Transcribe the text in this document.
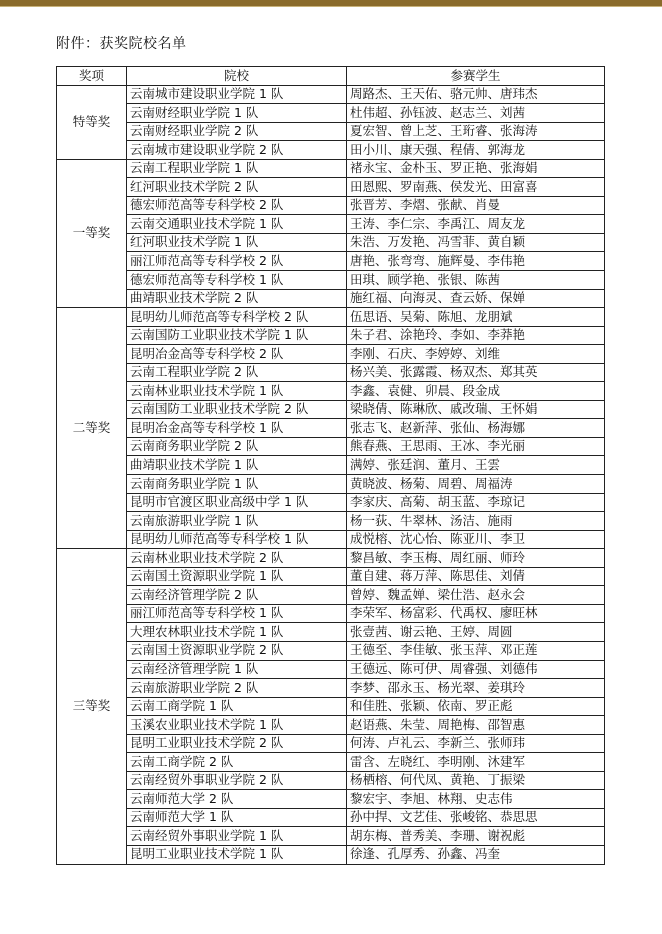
附件：获奖院校名单
奖项	院校	参赛学生
特等奖	云南城市建设职业学院 1 队	周路杰、王天佑、骆元帅、唐玮杰
	云南财经职业学院 1 队	杜伟超、孙钰波、赵志兰、刘茜
	云南财经职业学院 2 队	夏宏智、曾上芝、王珩睿、张海涛
	云南城市建设职业学院 2 队	田小川、康天强、程倩、郭海龙
一等奖	云南工程职业学院 1 队	褚永宝、金朴玉、罗正艳、张海娟
	红河职业技术学院 2 队	田恩熙、罗南燕、侯发光、田富喜
	德宏师范高等专科学校 2 队	张晋芳、李熠、张献、肖曼
	云南交通职业技术学院 1 队	王涛、李仁宗、李禹江、周友龙
	红河职业技术学院 1 队	朱浩、万发艳、冯雪菲、黄自颖
	丽江师范高等专科学校 2 队	唐艳、张弯弯、施辉曼、李伟艳
	德宏师范高等专科学校 1 队	田琪、顾学艳、张银、陈茜
	曲靖职业技术学院 2 队	施红福、向海灵、查云娇、保婵
二等奖	昆明幼儿师范高等专科学校 2 队	伍思语、吴菊、陈旭、龙朋斌
	云南国防工业职业技术学院 1 队	朱子君、涂艳玲、李如、李莽艳
	昆明冶金高等专科学校 2 队	李刚、石庆、李婷婷、刘维
	云南工程职业学院 2 队	杨兴美、张露霞、杨双杰、郑其英
	云南林业职业技术学院 1 队	李鑫、袁健、卯晨、段金成
	云南国防工业职业技术学院 2 队	梁晓倩、陈琳欣、戚改瑞、王怀娟
	昆明冶金高等专科学校 1 队	张志飞、赵新萍、张仙、杨海娜
	云南商务职业学院 2 队	熊春燕、王思雨、王冰、李光丽
	曲靖职业技术学院 1 队	满婷、张廷润、董月、王雲
	云南商务职业学院 1 队	黄晓波、杨菊、周碧、周福涛
	昆明市官渡区职业高级中学 1 队	李家庆、高菊、胡玉蓝、李琼记
	云南旅游职业学院 1 队	杨一荻、牛翠林、汤洁、施雨
	昆明幼儿师范高等专科学校 1 队	成悦榕、沈心怡、陈亚川、李卫
三等奖	云南林业职业技术学院 2 队	黎昌敏、李玉梅、周红丽、师玲
	云南国土资源职业学院 1 队	董自建、蒋万萍、陈思佳、刘倩
	云南经济管理学院 2 队	曾婷、魏孟婵、梁仕浩、赵永会
	丽江师范高等专科学校 1 队	李荣军、杨富彩、代禹权、廖旺林
	大理农林职业技术学院 1 队	张壹茜、谢云艳、王婷、周圆
	云南国土资源职业学院 2 队	王德至、李佳敏、张玉萍、邓正莲
	云南经济管理学院 1 队	王德远、陈可伊、周睿强、刘德伟
	云南旅游职业学院 2 队	李梦、邵永玉、杨光翠、姜琪玲
	云南工商学院 1 队	和佳胜、张颖、依南、罗正彪
	玉溪农业职业技术学院 1 队	赵语燕、朱莹、周艳梅、邵智惠
	昆明工业职业技术学院 2 队	何涛、卢礼云、李新兰、张师玮
	云南工商学院 2 队	雷含、左晓红、李明刚、沐建军
	云南经贸外事职业学院 2 队	杨栖榕、何代凤、黄艳、丁振梁
	云南师范大学 2 队	黎宏宇、李旭、林翔、史志伟
	云南师范大学 1 队	孙中捍、文艺佳、张峻铭、恭思思
	云南经贸外事职业学院 1 队	胡东梅、普秀美、李珊、谢祝彪
	昆明工业职业技术学院 1 队	徐逢、孔厚秀、孙鑫、冯奎
